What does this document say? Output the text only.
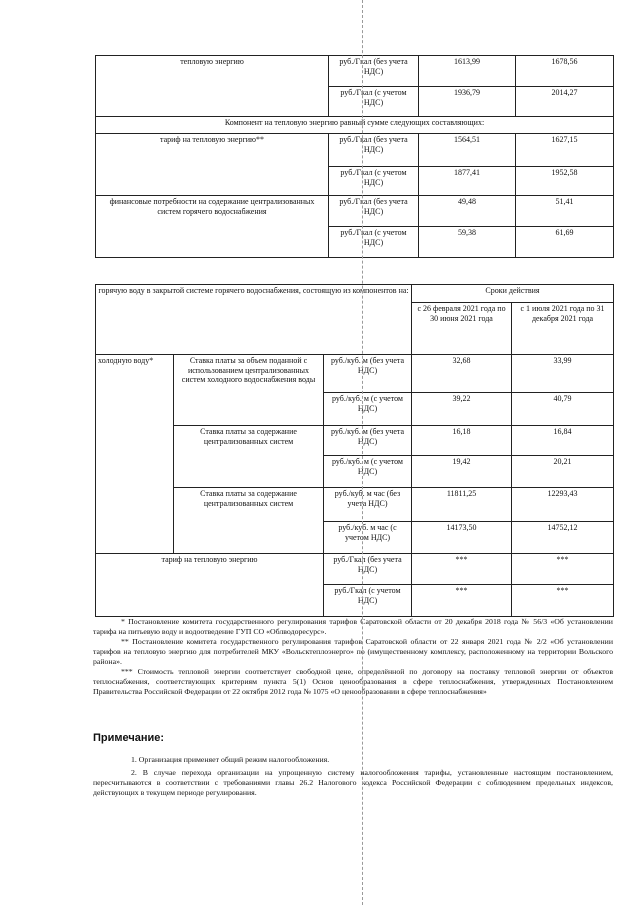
тепловую энергию	руб./Гкал (без учета НДС)	1613,99	1678,56
	руб./Гкал (с учетом НДС)	1936,79	2014,27
Компонент на тепловую энергию равный сумме следующих составляющих:			
тариф на тепловую энергию**	руб./Гкал (без учета НДС)	1564,51	1627,15
	руб./Гкал (с учетом НДС)	1877,41	1952,58
финансовые потребности на содержание централизованных систем горячего водоснабжения	руб./Гкал (без учета НДС)	49,48	51,41
	руб./Гкал (с учетом НДС)	59,38	61,69
горячую воду в закрытой системе горячего водоснабжения, состоящую из компонентов на:			Сроки действия	
			с 26 февраля 2021 года по 30 июня 2021 года	с 1 июля 2021 года по 31 декабря 2021 года
холодную воду*	Ставка платы за объем поданной с использованием централизованных систем холодного водоснабжения воды	руб./куб. м (без учета НДС)	32,68	33,99
		руб./куб. м (с учетом НДС)	39,22	40,79
	Ставка платы за содержание централизованных систем	руб./куб. м (без учета НДС)	16,18	16,84
		руб./куб. м (с учетом НДС)	19,42	20,21
	Ставка платы за содержание централизованных систем	руб./куб. м час (без учета НДС)	11811,25	12293,43
		руб./куб. м час (с учетом НДС)	14173,50	14752,12
тариф на тепловую энергию		руб./Гкал (без учета НДС)	***	***
		руб./Гкал (с учетом НДС)	***	***

* Постановление комитета государственного регулирования тарифов Саратовской области от 20 декабря 2018 года № 56/3 «Об установлении тарифа на питьевую воду и водоотведение ГУП СО «Облводоресурс».

** Постановление комитета государственного регулирования тарифов Саратовской области от 22 января 2021 года № 2/2 «Об установлении тарифов на тепловую энергию для потребителей МКУ «Вольсктеплоэнерго» по (имущественному комплексу, расположенному на территории Вольского района».

*** Стоимость тепловой энергии соответствует свободной цене, определённой по договору на поставку тепловой энергии от объектов теплоснабжения, соответствующих критериям пункта 5(1) Основ ценообразования в сфере теплоснабжения, утвержденных Постановлением Правительства Российской Федерации от 22 октября 2012 года № 1075 «О ценообразовании в сфере теплоснабжения»

Примечание:

1. Организация применяет общий режим налогообложения.

2. В случае перехода организации на упрощенную систему налогообложения тарифы, установленные настоящим постановлением, пересчитываются в соответствии с требованиями главы 26.2 Налогового кодекса Российской Федерации с соблюдением предельных индексов, действующих в текущем периоде регулирования.
